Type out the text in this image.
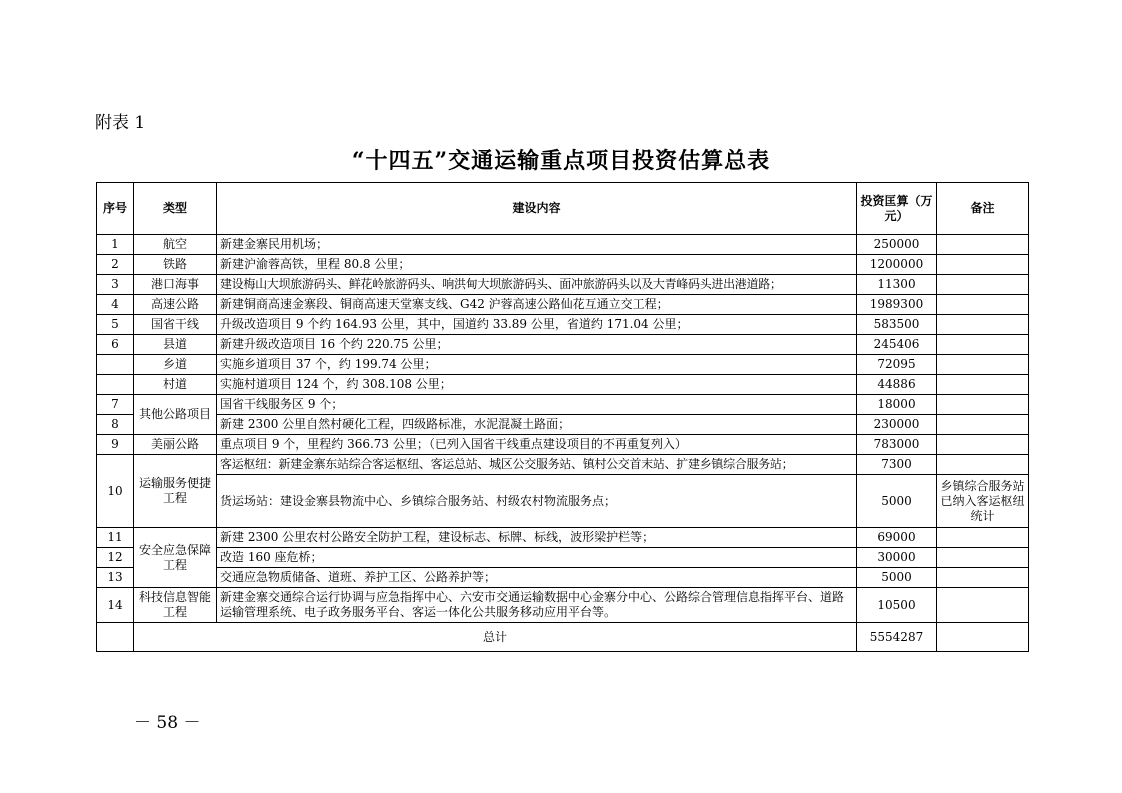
附表 1
“十四五”交通运输重点项目投资估算总表
序号	类型	建设内容	投资匡算（万元）	备注
1	航空	新建金寨民用机场；	250000	
2	铁路	新建沪渝蓉高铁，里程 80.8 公里；	1200000	
3	港口海事	建设梅山大坝旅游码头、鲜花岭旅游码头、响洪甸大坝旅游码头、面冲旅游码头以及大青峰码头进出港道路；	11300	
4	高速公路	新建铜商高速金寨段、铜商高速天堂寨支线、G42 沪蓉高速公路仙花互通立交工程；	1989300	
5	国省干线	升级改造项目 9 个约 164.93 公里，其中，国道约 33.89 公里，省道约 171.04 公里；	583500	
6	县道	新建升级改造项目 16 个约 220.75 公里；	245406	
	乡道	实施乡道项目 37 个，约 199.74 公里；	72095	
	村道	实施村道项目 124 个，约 308.108 公里；	44886	
7	其他公路项目	国省干线服务区 9 个；	18000	
8		新建 2300 公里自然村硬化工程，四级路标准，水泥混凝土路面；	230000	
9	美丽公路	重点项目 9 个，里程约 366.73 公里；（已列入国省干线重点建设项目的不再重复列入）	783000	
10	运输服务便捷工程	客运枢纽：新建金寨东站综合客运枢纽、客运总站、城区公交服务站、镇村公交首末站、扩建乡镇综合服务站；	7300	
		货运场站：建设金寨县物流中心、乡镇综合服务站、村级农村物流服务点；	5000	乡镇综合服务站已纳入客运枢纽统计
11	安全应急保障工程	新建 2300 公里农村公路安全防护工程，建设标志、标牌、标线，波形梁护栏等；	69000	
12		改造 160 座危桥；	30000	
13		交通应急物质储备、道班、养护工区、公路养护等；	5000	
14	科技信息智能工程	新建金寨交通综合运行协调与应急指挥中心、六安市交通运输数据中心金寨分中心、公路综合管理信息指挥平台、道路运输管理系统、电子政务服务平台、客运一体化公共服务移动应用平台等。	10500	
	总计		5554287	
－ 58 －
